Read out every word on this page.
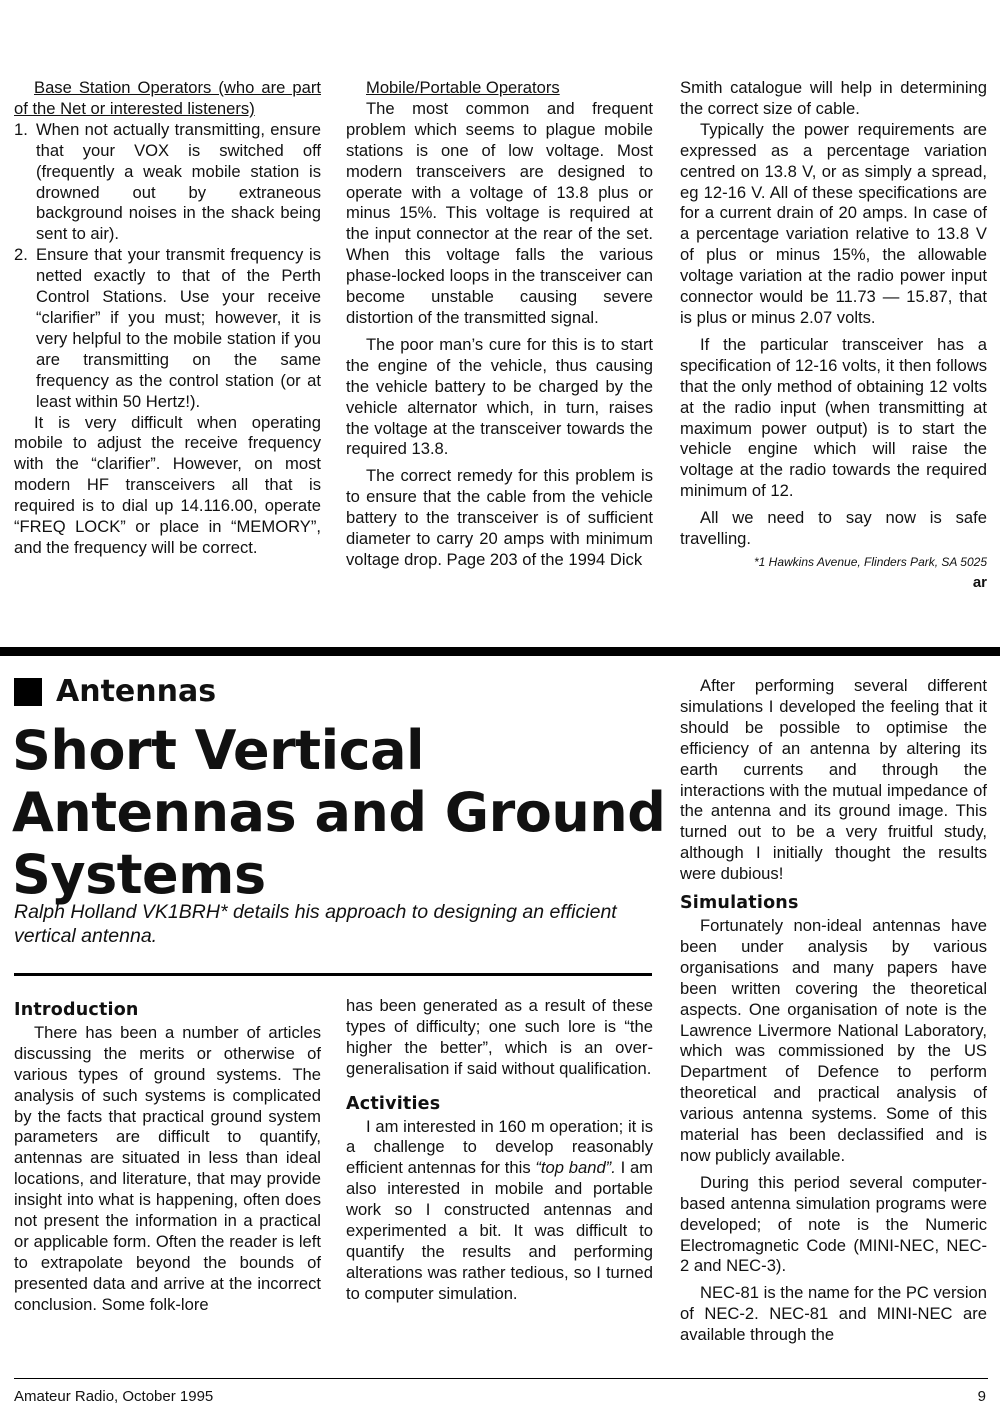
Base Station Operators (who are part of the Net or interested listeners)

1. When not actually transmitting, ensure that your VOX is switched off (frequently a weak mobile station is drowned out by extraneous background noises in the shack being sent to air).
2. Ensure that your transmit frequency is netted exactly to that of the Perth Control Stations. Use your receive “clarifier” if you must; however, it is very helpful to the mobile station if you are transmitting on the same frequency as the control station (or at least within 50 Hertz!).

It is very difficult when operating mobile to adjust the receive frequency with the “clarifier”. However, on most modern HF transceivers all that is required is to dial up 14.116.00, operate “FREQ LOCK” or place in “MEMORY”, and the frequency will be correct.

Mobile/Portable Operators

The most common and frequent problem which seems to plague mobile stations is one of low voltage. Most modern transceivers are designed to operate with a voltage of 13.8 plus or minus 15%. This voltage is required at the input connector at the rear of the set. When this voltage falls the various phase-locked loops in the transceiver can become unstable causing severe distortion of the transmitted signal.

The poor man’s cure for this is to start the engine of the vehicle, thus causing the vehicle battery to be charged by the vehicle alternator which, in turn, raises the voltage at the transceiver towards the required 13.8.

The correct remedy for this problem is to ensure that the cable from the vehicle battery to the transceiver is of sufficient diameter to carry 20 amps with minimum voltage drop. Page 203 of the 1994 Dick

Smith catalogue will help in determining the correct size of cable.

Typically the power requirements are expressed as a percentage variation centred on 13.8 V, or as simply a spread, eg 12-16 V. All of these specifications are for a current drain of 20 amps. In case of a percentage variation relative to 13.8 V of plus or minus 15%, the allowable voltage variation at the radio power input connector would be 11.73 — 15.87, that is plus or minus 2.07 volts.

If the particular transceiver has a specification of 12-16 volts, it then follows that the only method of obtaining 12 volts at the radio input (when transmitting at maximum power output) is to start the vehicle engine which will raise the voltage at the radio towards the required minimum of 12.

All we need to say now is safe travelling.

*1 Hawkins Avenue, Flinders Park, SA 5025

ar

Antennas
Short Vertical
Antennas and Ground
Systems

Ralph Holland VK1BRH* details his approach to designing an efficient vertical antenna.

Introduction

There has been a number of articles discussing the merits or otherwise of various types of ground systems. The analysis of such systems is complicated by the facts that practical ground system parameters are difficult to quantify, antennas are situated in less than ideal locations, and literature, that may provide insight into what is happening, often does not present the information in a practical or applicable form. Often the reader is left to extrapolate beyond the bounds of presented data and arrive at the incorrect conclusion. Some folk-lore

has been generated as a result of these types of difficulty; one such lore is “the higher the better”, which is an over-generalisation if said without qualification.

Activities

I am interested in 160 m operation; it is a challenge to develop reasonably efficient antennas for this “top band”. I am also interested in mobile and portable work so I constructed antennas and experimented a bit. It was difficult to quantify the results and performing alterations was rather tedious, so I turned to computer simulation.

After performing several different simulations I developed the feeling that it should be possible to optimise the efficiency of an antenna by altering its earth currents and through the interactions with the mutual impedance of the antenna and its ground image. This turned out to be a very fruitful study, although I initially thought the results were dubious!

Simulations

Fortunately non-ideal antennas have been under analysis by various organisations and many papers have been written covering the theoretical aspects. One organisation of note is the Lawrence Livermore National Laboratory, which was commissioned by the US Department of Defence to perform theoretical and practical analysis of various antenna systems. Some of this material has been declassified and is now publicly available.

During this period several computer-based antenna simulation programs were developed; of note is the Numeric Electromagnetic Code (MINI-NEC, NEC-2 and NEC-3).

NEC-81 is the name for the PC version of NEC-2. NEC-81 and MINI-NEC are available through the

Amateur Radio, October 1995	9
